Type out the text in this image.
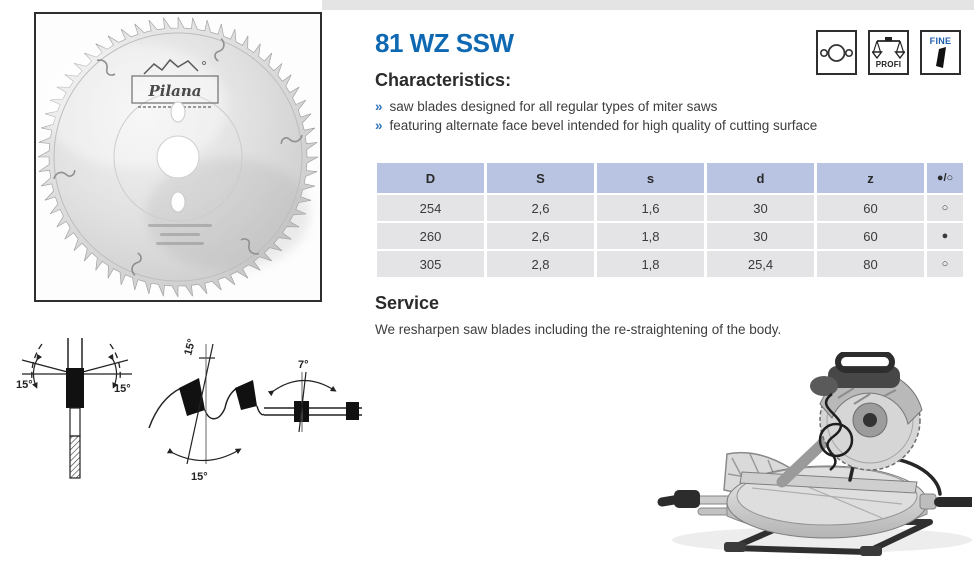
Pilana
81 WZ SSW
PROFI
FINE
Characteristics:
» saw blades designed for all regular types of miter saws
» featuring alternate face bevel intended for high quality of cutting surface
D	S	s	d	z	●/○
254	2,6	1,6	30	60	○
260	2,6	1,8	30	60	●
305	2,8	1,8	25,4	80	○
Service
We resharpen saw blades including the re-straightening of the body.
15°	15°
15°
15°
7°
